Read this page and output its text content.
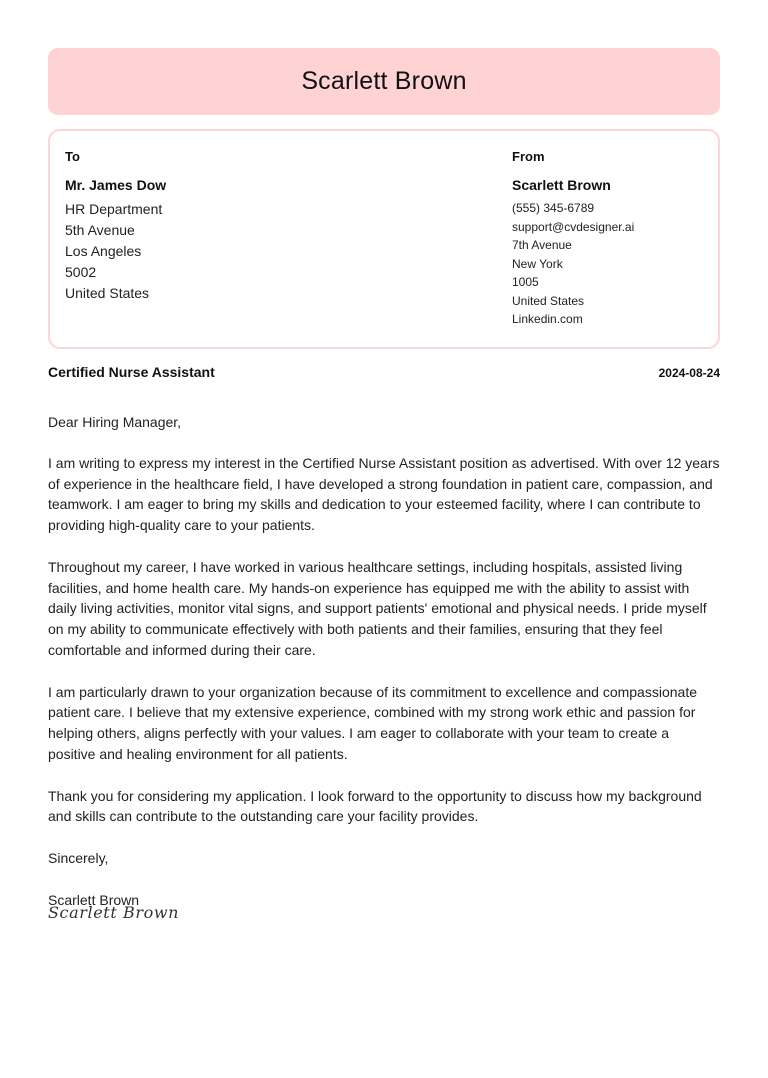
Scarlett Brown
To
Mr. James Dow
HR Department
5th Avenue
Los Angeles
5002
United States
From
Scarlett Brown
(555) 345-6789
support@cvdesigner.ai
7th Avenue
New York
1005
United States
Linkedin.com
Certified Nurse Assistant	2024-08-24

Dear Hiring Manager,

I am writing to express my interest in the Certified Nurse Assistant position as advertised. With over 12 years of experience in the healthcare field, I have developed a strong foundation in patient care, compassion, and teamwork. I am eager to bring my skills and dedication to your esteemed facility, where I can contribute to providing high-quality care to your patients.

Throughout my career, I have worked in various healthcare settings, including hospitals, assisted living facilities, and home health care. My hands-on experience has equipped me with the ability to assist with daily living activities, monitor vital signs, and support patients' emotional and physical needs. I pride myself on my ability to communicate effectively with both patients and their families, ensuring that they feel comfortable and informed during their care.

I am particularly drawn to your organization because of its commitment to excellence and compassionate patient care. I believe that my extensive experience, combined with my strong work ethic and passion for helping others, aligns perfectly with your values. I am eager to collaborate with your team to create a positive and healing environment for all patients.

Thank you for considering my application. I look forward to the opportunity to discuss how my background and skills can contribute to the outstanding care your facility provides.

Sincerely,

Scarlett Brown

Scarlett Brown
